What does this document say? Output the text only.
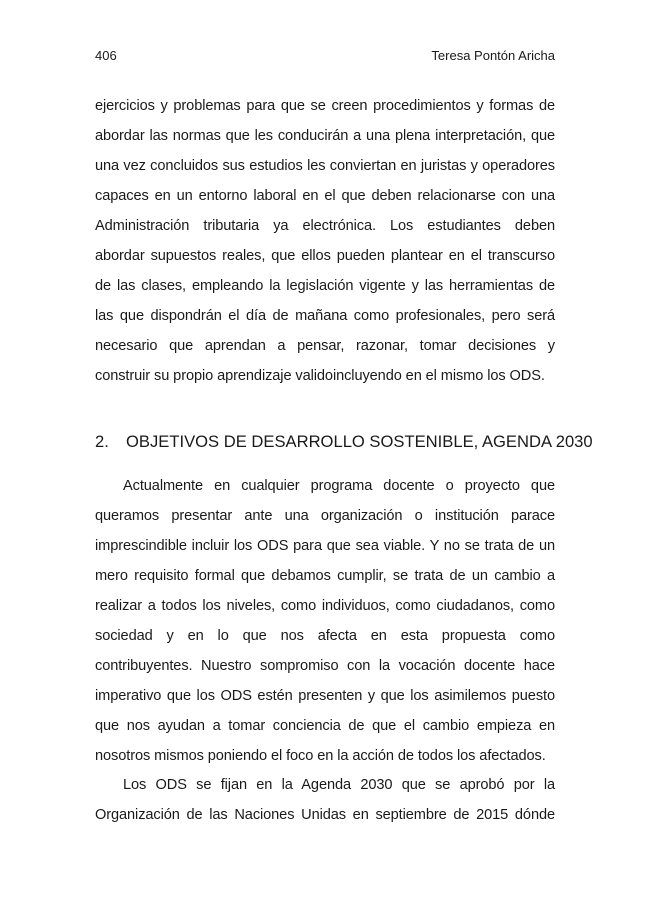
406	Teresa Pontón Aricha
ejercicios y problemas para que se creen procedimientos y formas de
abordar las normas que les conducirán a una plena interpretación, que
una vez concluidos sus estudios les conviertan en juristas y operadores
capaces en un entorno laboral en el que deben relacionarse con una
Administración tributaria ya electrónica. Los estudiantes deben
abordar supuestos reales, que ellos pueden plantear en el transcurso
de las clases, empleando la legislación vigente y las herramientas de
las que dispondrán el día de mañana como profesionales, pero será
necesario que aprendan a pensar, razonar, tomar decisiones y
construir su propio aprendizaje validoincluyendo en el mismo los ODS.
2. OBJETIVOS DE DESARROLLO SOSTENIBLE, AGENDA 2030
Actualmente en cualquier programa docente o proyecto que
queramos presentar ante una organización o institución parace
imprescindible incluir los ODS para que sea viable. Y no se trata de un
mero requisito formal que debamos cumplir, se trata de un cambio a
realizar a todos los niveles, como individuos, como ciudadanos, como
sociedad y en lo que nos afecta en esta propuesta como
contribuyentes. Nuestro sompromiso con la vocación docente hace
imperativo que los ODS estén presenten y que los asimilemos puesto
que nos ayudan a tomar conciencia de que el cambio empieza en
nosotros mismos poniendo el foco en la acción de todos los afectados.
Los ODS se fijan en la Agenda 2030 que se aprobó por la
Organización de las Naciones Unidas en septiembre de 2015 dónde
